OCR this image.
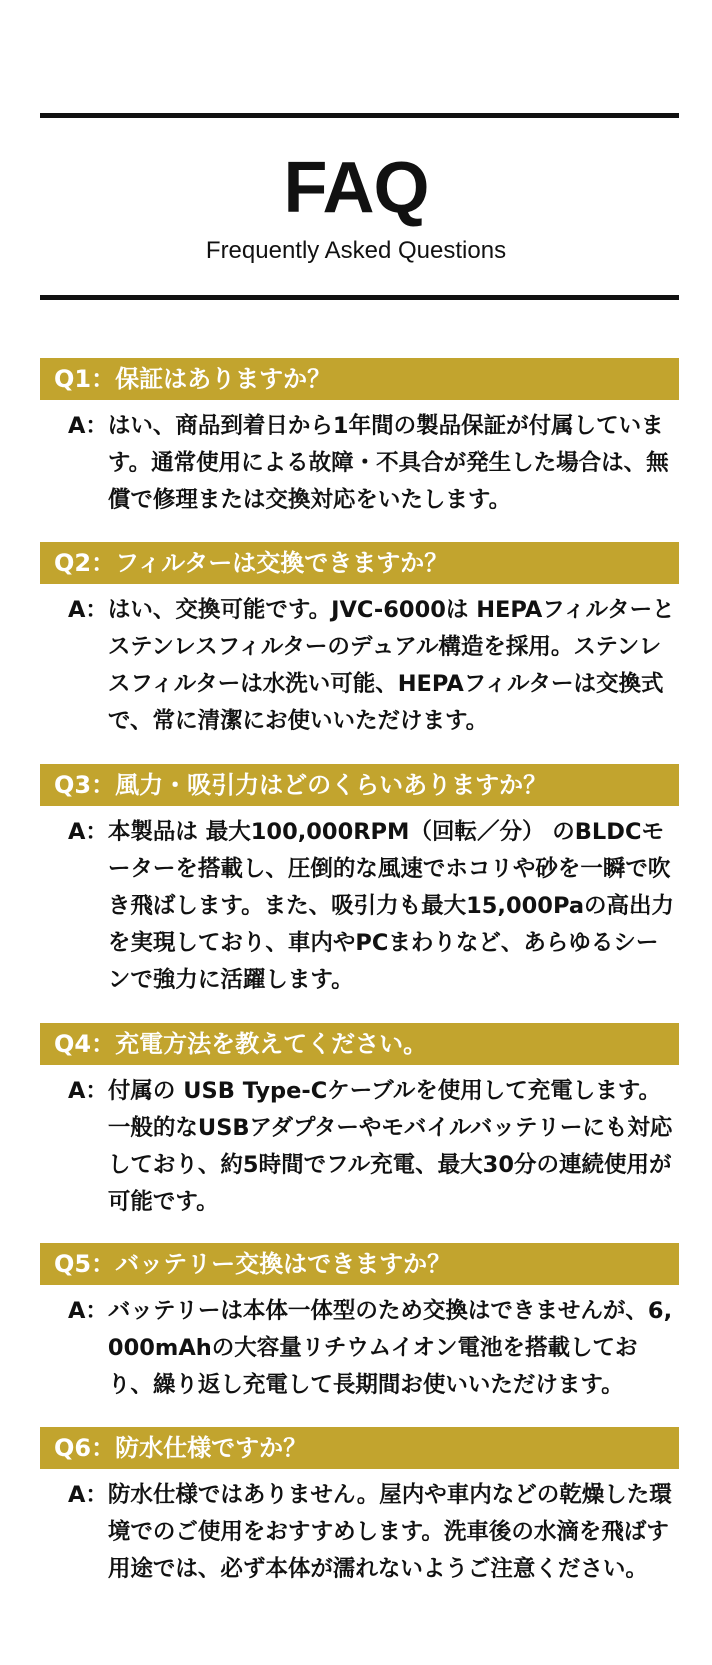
FAQ
Frequently Asked Questions
Q1：保証はありますか？
A： はい、商品到着日から1年間の製品保証が付属しています。通常使用による故障・不具合が発生した場合は、無償で修理または交換対応をいたします。
Q2：フィルターは交換できますか？
A： はい、交換可能です。JVC-6000は HEPAフィルターとステンレスフィルターのデュアル構造を採用。ステンレスフィルターは水洗い可能、HEPAフィルターは交換式で、常に清潔にお使いいただけます。
Q3：風力・吸引力はどのくらいありますか？
A： 本製品は 最大100,000RPM（回転／分） のBLDCモーターを搭載し、圧倒的な風速でホコリや砂を一瞬で吹き飛ばします。また、吸引力も最大15,000Paの高出力を実現しており、車内やPCまわりなど、あらゆるシーンで強力に活躍します。
Q4：充電方法を教えてください。
A： 付属の USB Type-Cケーブルを使用して充電します。一般的なUSBアダプターやモバイルバッテリーにも対応しており、約5時間でフル充電、最大30分の連続使用が可能です。
Q5：バッテリー交換はできますか？
A： バッテリーは本体一体型のため交換はできませんが、6,000mAhの大容量リチウムイオン電池を搭載しており、繰り返し充電して長期間お使いいただけます。
Q6：防水仕様ですか？
A： 防水仕様ではありません。屋内や車内などの乾燥した環境でのご使用をおすすめします。洗車後の水滴を飛ばす用途では、必ず本体が濡れないようご注意ください。
